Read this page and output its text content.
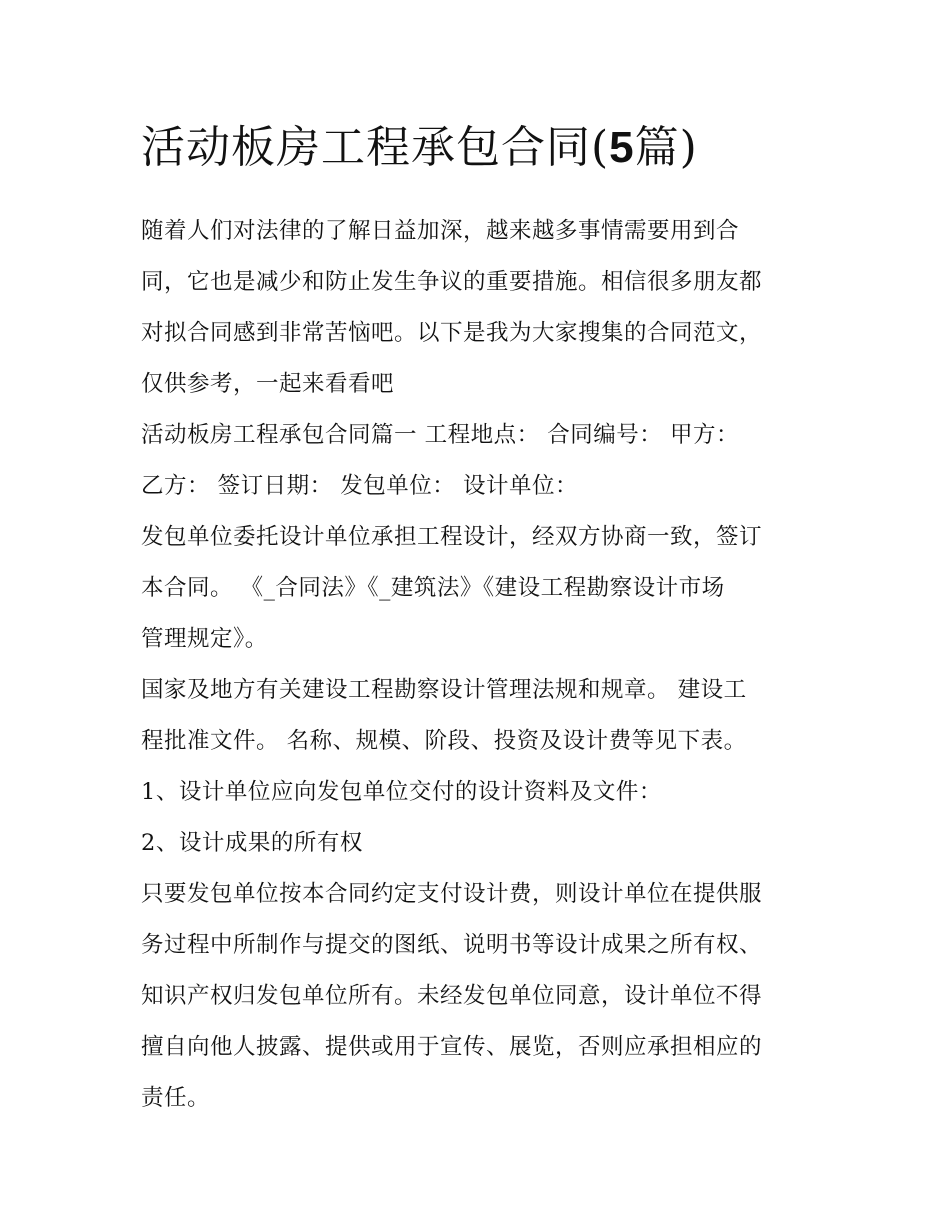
活动板房工程承包合同(5篇)

随着人们对法律的了解日益加深，越来越多事情需要用到合
同，它也是减少和防止发生争议的重要措施。相信很多朋友都
对拟合同感到非常苦恼吧。以下是我为大家搜集的合同范文，
仅供参考，一起来看看吧

活动板房工程承包合同篇一 工程地点： 合同编号： 甲方：
乙方： 签订日期： 发包单位： 设计单位：

发包单位委托设计单位承担工程设计，经双方协商一致，签订
本合同。 《_合同法》《_建筑法》《建设工程勘察设计市场
管理规定》。

国家及地方有关建设工程勘察设计管理法规和规章。 建设工
程批准文件。 名称、规模、阶段、投资及设计费等见下表。

1、设计单位应向发包单位交付的设计资料及文件：

2、设计成果的所有权

只要发包单位按本合同约定支付设计费，则设计单位在提供服
务过程中所制作与提交的图纸、说明书等设计成果之所有权、
知识产权归发包单位所有。未经发包单位同意，设计单位不得
擅自向他人披露、提供或用于宣传、展览，否则应承担相应的
责任。
